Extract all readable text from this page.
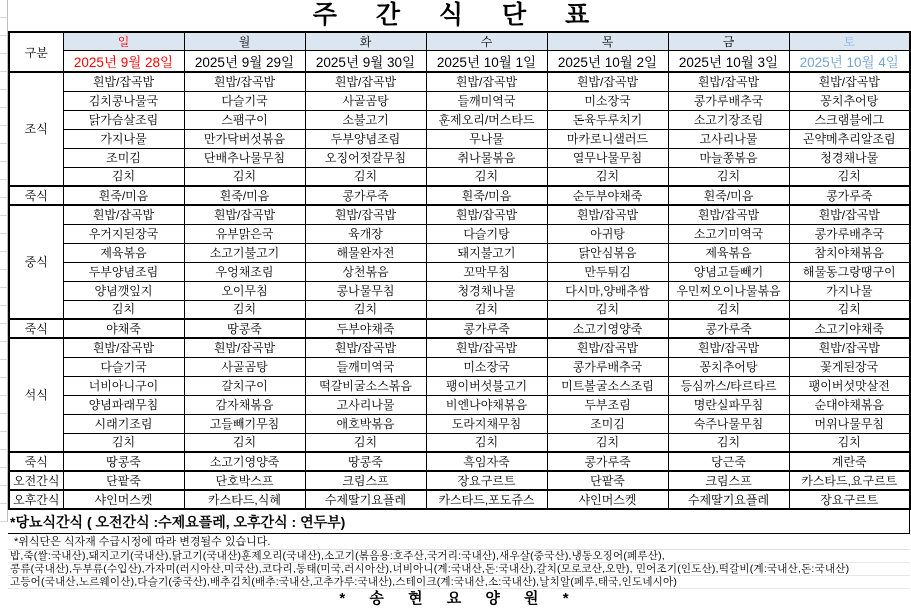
주 간 식 단 표
구분	일	월	화	수	목	금	토
	2025년 9월 28일	2025년 9월 29일	2025년 9월 30일	2025년 10월 1일	2025년 10월 2일	2025년 10월 3일	2025년 10월 4일
조식	흰밥/잡곡밥	흰밥/잡곡밥	흰밥/잡곡밥	흰밥/잡곡밥	흰밥/잡곡밥	흰밥/잡곡밥	흰밥/잡곡밥
	김치콩나물국	다슬기국	사골곰탕	들깨미역국	미소장국	콩가루배추국	꽁치추어탕
	닭가슴살조림	스팸구이	소불고기	훈제오리/머스타드	돈육두루치기	소고기장조림	스크램블에그
	가지나물	만가닥버섯볶음	두부양념조림	무나물	마카로니샐러드	고사리나물	곤약메추리알조림
	조미김	단배추나물무침	오징어젓갈무침	취나물볶음	열무나물무침	마늘쫑볶음	청경채나물
	김치	김치	김치	김치	김치	김치	김치
죽식	흰죽/미음	흰죽/미음	콩가루죽	흰죽/미음	순두부야채죽	흰죽/미음	콩가루죽
중식	흰밥/잡곡밥	흰밥/잡곡밥	흰밥/잡곡밥	흰밥/잡곡밥	흰밥/잡곡밥	흰밥/잡곡밥	흰밥/잡곡밥
	우거지된장국	유부맑은국	육개장	다슬기탕	아귀탕	소고기미역국	콩가루배추국
	제육볶음	소고기불고기	해물완자전	돼지불고기	닭안심볶음	제육볶음	참치야채볶음
	두부양념조림	우엉채조림	상천볶음	꼬막무침	만두튀김	양념고들빼기	해물동그랑땡구이
	양념깻잎지	오이무침	콩나물무침	청경채나물	다시마,양배추쌈	우민찌오이나물볶음	가지나물
	김치	김치	김치	김치	김치	김치	김치
죽식	야채죽	땅콩죽	두부야채죽	콩가루죽	소고기영양죽	콩가루죽	소고기야채죽
석식	흰밥/잡곡밥	흰밥/잡곡밥	흰밥/잡곡밥	흰밥/잡곡밥	흰밥/잡곡밥	흰밥/잡곡밥	흰밥/잡곡밥
	다슬기국	사골곰탕	들깨미역국	미소장국	콩가루배추국	꽁치추어탕	꽃게된장국
	너비아니구이	갈치구이	떡갈비굴소스볶음	팽이버섯불고기	미트볼굴소스조림	등심까스/타르타르	팽이버섯맛살전
	양념파래무침	감자채볶음	고사리나물	비엔나야채볶음	두부조림	명란실파무침	순대야채볶음
	시래기조림	고들빼기무침	애호박볶음	도라지채무침	조미김	숙주나물무침	머위나물무침
	김치	김치	김치	김치	김치	김치	김치
죽식	땅콩죽	소고기영양죽	땅콩죽	흑임자죽	콩가루죽	당근죽	계란죽
오전간식	단팥죽	단호박스프	크림스프	장요구르트	단팥죽	크림스프	카스타드,요구르트
오후간식	샤인머스켓	카스타드,식혜	수제딸기요플레	카스타드,포도쥬스	샤인머스켓	수제딸기요플레	장요구르트
*당뇨식간식 ( 오전간식 :수제요플레, 오후간식 : 연두부)
*위식단은 식자재 수급시정에 따라 변경될수 있습니다.
밥,죽(쌀:국내산),돼지고기(국내산),닭고기(국내산)훈제오리(국내산),소고기(볶음용:호주산,국거리:국내산),새우살(중국산),냉동오징어(페루산),
콩류(국내산),두부류(수입산),가자미(러시아산,미국산),코다리,동태(미국,러시아산),너비아니(계:국내산,돈:국내산),갈치(모로코산,오만), 민어조기(인도산),떡갈비(계:국내산,돈:국내산)
고등어(국내산,노르웨이산),다슬기(중국산),배추김치(배추:국내산,고추가루:국내산),스테이크(계:국내산,소:국내산),날치알(페루,태국,인도네시아)
* 송 현 요 양 원 *
